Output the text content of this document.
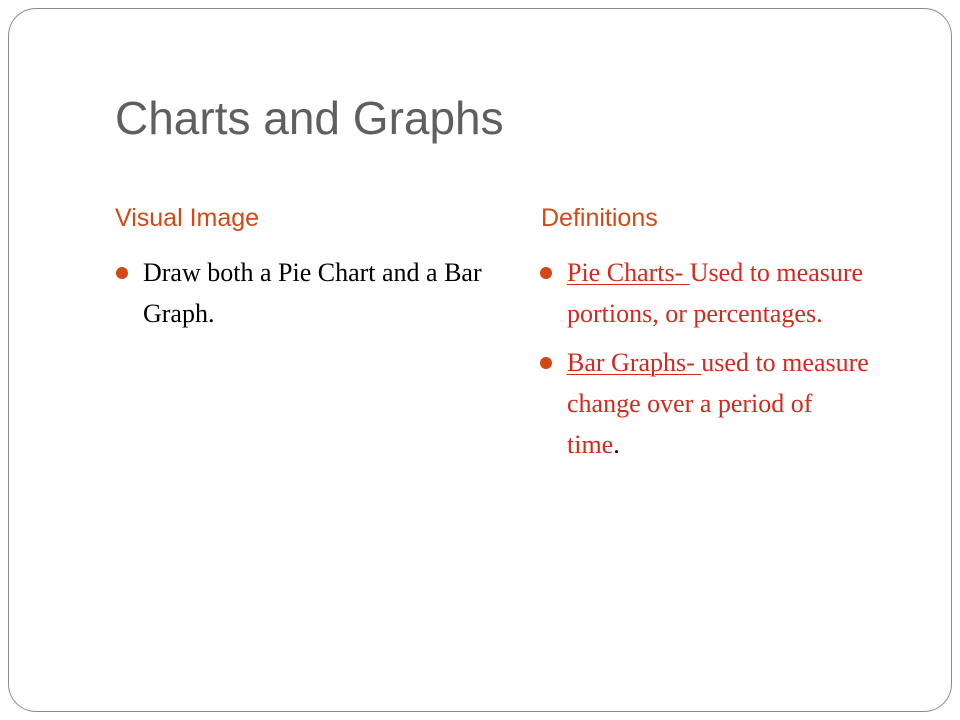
Charts and Graphs
Visual Image	Definitions
Draw both a Pie Chart and a Bar Graph.
Pie Charts- Used to measure portions, or percentages.
Bar Graphs- used to measure change over a period of time.
